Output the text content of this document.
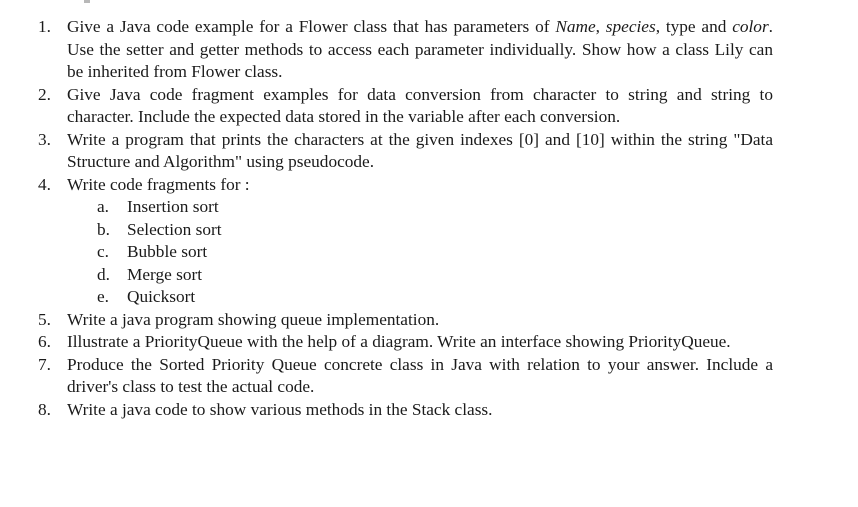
1. Give a Java code example for a Flower class that has parameters of Name, species, type and color. Use the setter and getter methods to access each parameter individually. Show how a class Lily can be inherited from Flower class.
2. Give Java code fragment examples for data conversion from character to string and string to character. Include the expected data stored in the variable after each conversion.
3. Write a program that prints the characters at the given indexes [0] and [10] within the string "Data Structure and Algorithm" using pseudocode.
4. Write code fragments for :
a. Insertion sort
b. Selection sort
c. Bubble sort
d. Merge sort
e. Quicksort
5. Write a java program showing queue implementation.
6. Illustrate a PriorityQueue with the help of a diagram. Write an interface showing PriorityQueue.
7. Produce the Sorted Priority Queue concrete class in Java with relation to your answer. Include a driver's class to test the actual code.
8. Write a java code to show various methods in the Stack class.
